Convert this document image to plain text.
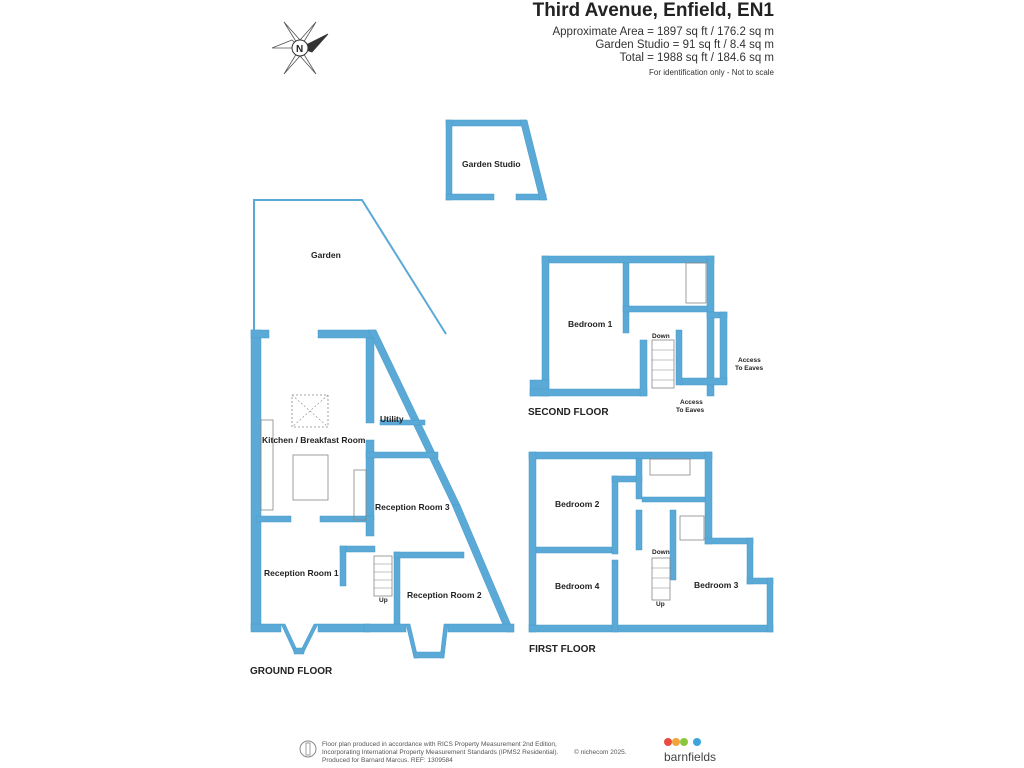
Third Avenue, Enfield, EN1
Approximate Area = 1897 sq ft / 176.2 sq m
Garden Studio = 91 sq ft / 8.4 sq m
Total = 1988 sq ft / 184.6 sq m
For identification only - Not to scale
N
Garden Studio
Garden
Kitchen / Breakfast Room
Utility
Reception Room 3
Reception Room 1
Reception Room 2
Up
Bedroom 1
Down
Access
To Eaves
Access
To Eaves
Bedroom 2
Bedroom 4	Bedroom 3
Down
Up
GROUND FLOOR
FIRST FLOOR
SECOND FLOOR
Floor plan produced in accordance with RICS Property Measurement 2nd Edition,
Incorporating International Property Measurement Standards (IPMS2 Residential).
Produced for Barnard Marcus. REF: 1309584
© nichecom 2025.	barnfields
